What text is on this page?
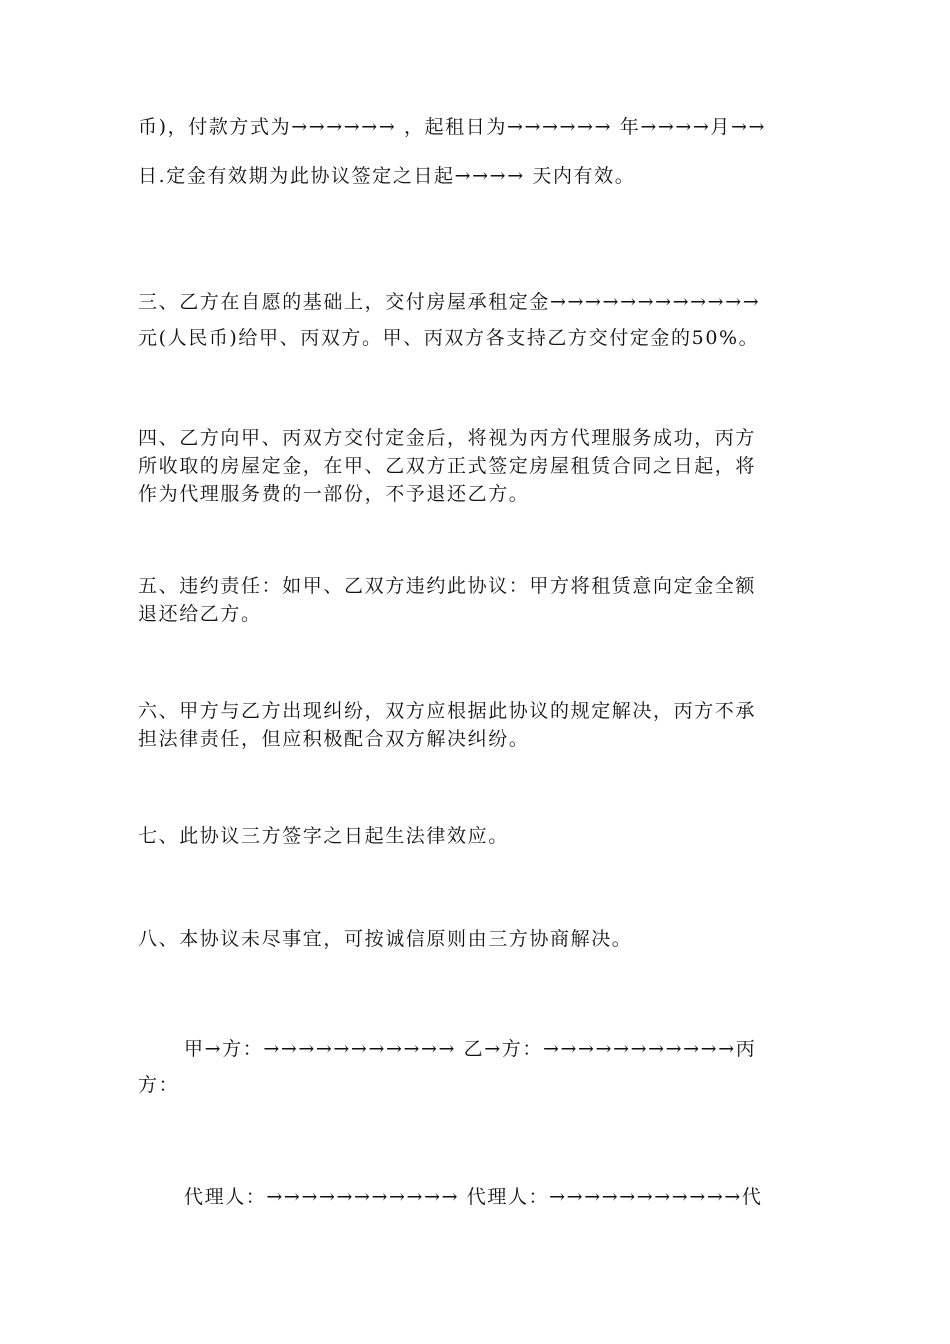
币)，付款方式为→→→→→→ ，起租日为→→→→→→ 年→→→→月→→
日.定金有效期为此协议签定之日起→→→→ 天内有效。
三、乙方在自愿的基础上，交付房屋承租定金→→→→→→→→→→→→
元(人民币)给甲、丙双方。甲、丙双方各支持乙方交付定金的50%。
四、乙方向甲、丙双方交付定金后，将视为丙方代理服务成功，丙方
所收取的房屋定金，在甲、乙双方正式签定房屋租赁合同之日起，将
作为代理服务费的一部份，不予退还乙方。
五、违约责任：如甲、乙双方违约此协议：甲方将租赁意向定金全额
退还给乙方。
六、甲方与乙方出现纠纷，双方应根据此协议的规定解决，丙方不承
担法律责任，但应积极配合双方解决纠纷。
七、此协议三方签字之日起生法律效应。
八、本协议未尽事宜，可按诚信原则由三方协商解决。
甲→方：→→→→→→→→→→→ 乙→方：→→→→→→→→→→→丙
方：
代理人：→→→→→→→→→→→ 代理人：→→→→→→→→→→→代
